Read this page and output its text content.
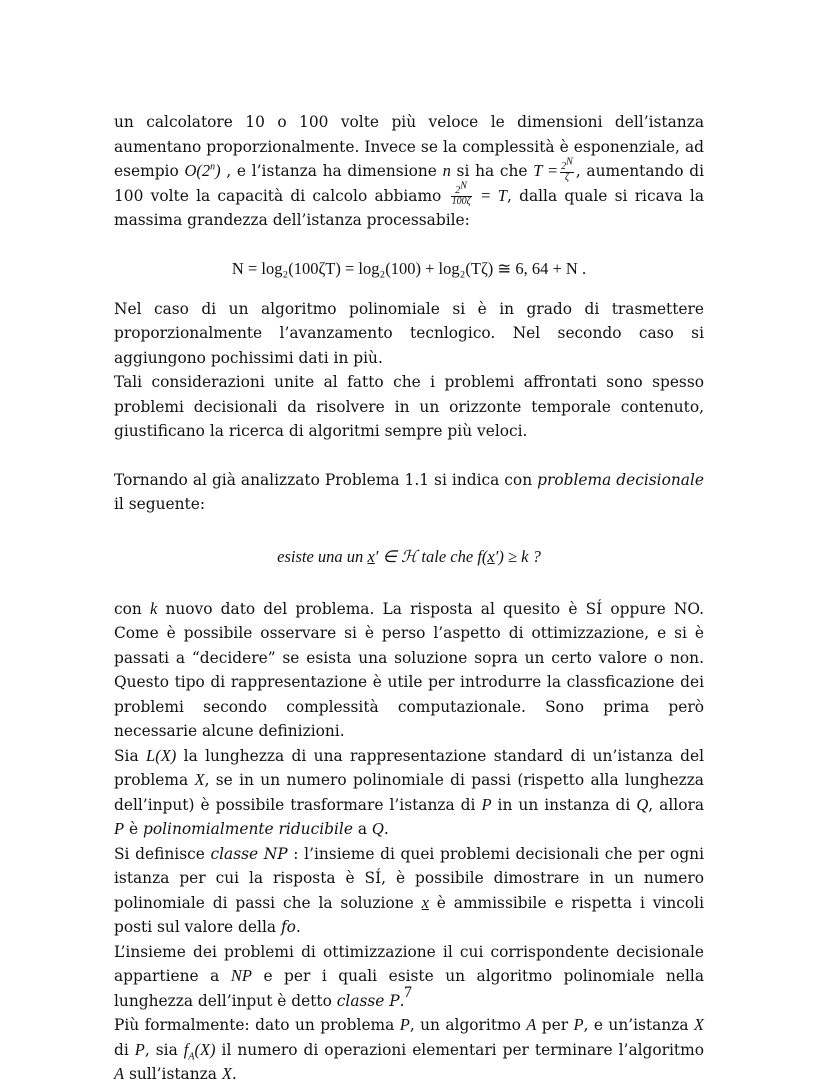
un calcolatore 10 o 100 volte più veloce le dimensioni dell’istanza aumentano proporzionalmente. Invece se la complessità è esponenziale, ad esempio O(2$^n$) , e l’istanza ha dimensione n si ha che $T = \frac{2^N}{\zeta}$ , aumentando di 100 volte la capacità di calcolo abbiamo $\frac{2^N}{100\zeta} = T$, dalla quale si ricava la massima grandezza dell’istanza processabile:

N = log₂(100ζT) = log₂(100) + log₂(Tζ) ≅ 6, 64 + N .

Nel caso di un algoritmo polinomiale si è in grado di trasmettere proporzionalmente l’avanzamento tecnlogico. Nel secondo caso si aggiungono pochissimi dati in più.

Tali considerazioni unite al fatto che i problemi affrontati sono spesso problemi decisionali da risolvere in un orizzonte temporale contenuto, giustificano la ricerca di algoritmi sempre più veloci.

Tornando al già analizzato Problema 1.1 si indica con problema decisionale il seguente:

esiste una un x′ ∈ ℋ tale che f(x′) ≥ k ?

con k nuovo dato del problema. La risposta al quesito è SÍ oppure NO. Come è possibile osservare si è perso l’aspetto di ottimizzazione, e si è passati a “decidere” se esista una soluzione sopra un certo valore o non. Questo tipo di rappresentazione è utile per introdurre la classficazione dei problemi secondo complessità computazionale. Sono prima però necessarie alcune definizioni.

Sia L(X) la lunghezza di una rappresentazione standard di un’istanza del problema X, se in un numero polinomiale di passi (rispetto alla lunghezza dell’input) è possibile trasformare l’istanza di P in un instanza di Q, allora P è polinomialmente riducibile a Q.

Si definisce classe NP : l’insieme di quei problemi decisionali che per ogni istanza per cui la risposta è SÍ, è possibile dimostrare in un numero polinomiale di passi che la soluzione x è ammissibile e rispetta i vincoli posti sul valore della fo.

L’insieme dei problemi di ottimizzazione il cui corrispondente decisionale appartiene a NP e per i quali esiste un algoritmo polinomiale nella lunghezza dell’input è detto classe P.

Più formalmente: dato un problema P, un algoritmo A per P, e un’istanza X di P, sia $f_A(X)$ il numero di operazioni elementari per terminare l’algoritmo A sull’istanza X.

7
